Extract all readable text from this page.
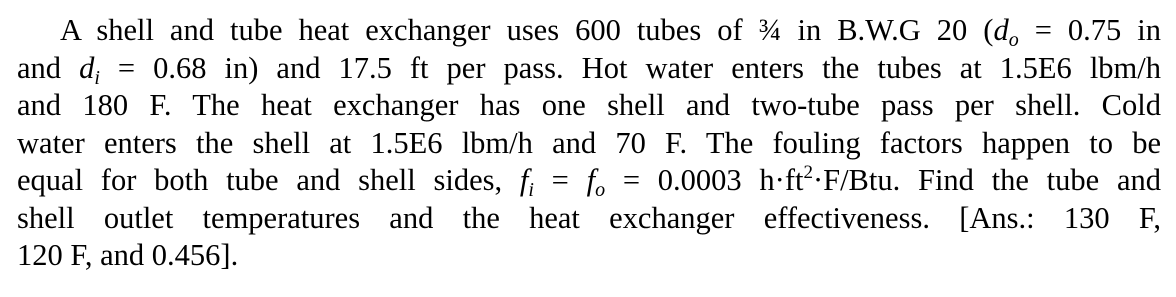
A shell and tube heat exchanger uses 600 tubes of ¾ in B.W.G 20 ($d_o = 0.75$ in
and $d_i = 0.68$ in) and 17.5 ft per pass. Hot water enters the tubes at 1.5E6 lbm/h
and 180 F. The heat exchanger has one shell and two-tube pass per shell. Cold
water enters the shell at 1.5E6 lbm/h and 70 F. The fouling factors happen to be
equal for both tube and shell sides, $f_i = f_o = 0.0003$ $h\cdot ft^2\cdot F$/Btu. Find the tube and
shell outlet temperatures and the heat exchanger effectiveness. [Ans.: 130 F,
120 F, and 0.456].
